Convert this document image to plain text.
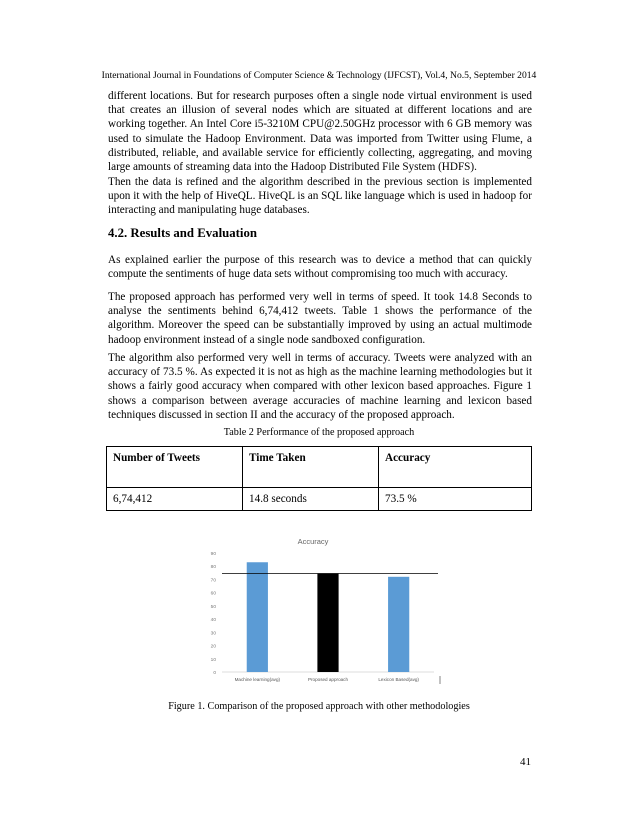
International Journal in Foundations of Computer Science & Technology (IJFCST), Vol.4, No.5, September 2014

different locations. But for research purposes often a single node virtual environment is used that creates an illusion of several nodes which are situated at different locations and are working together. An Intel Core i5-3210M CPU@2.50GHz processor with 6 GB memory was used to simulate the Hadoop Environment. Data was imported from Twitter using Flume, a distributed, reliable, and available service for efficiently collecting, aggregating, and moving large amounts of streaming data into the Hadoop Distributed File System (HDFS).

Then the data is refined and the algorithm described in the previous section is implemented upon it with the help of HiveQL. HiveQL is an SQL like language which is used in hadoop for interacting and manipulating huge databases.

4.2. Results and Evaluation

As explained earlier the purpose of this research was to device a method that can quickly compute the sentiments of huge data sets without compromising too much with accuracy.

The proposed approach has performed very well in terms of speed. It took 14.8 Seconds to analyse the sentiments behind 6,74,412 tweets. Table 1 shows the performance of the algorithm. Moreover the speed can be substantially improved by using an actual multimode hadoop environment instead of a single node sandboxed configuration.

The algorithm also performed very well in terms of accuracy. Tweets were analyzed with an accuracy of 73.5 %. As expected it is not as high as the machine learning methodologies but it shows a fairly good accuracy when compared with other lexicon based approaches. Figure 1 shows a comparison between average accuracies of machine learning and lexicon based techniques discussed in section II and the accuracy of the proposed approach.

Table 2 Performance of the proposed approach
Number of Tweets	Time Taken	Accuracy
6,74,412	14.8 seconds	73.5 %
Accuracy
0
10
20
30
40
50
60
70
80
90
Machine learning(avg)	Proposed approach	Lexicon Based(avg)
Figure 1. Comparison of the proposed approach with other methodologies
41
